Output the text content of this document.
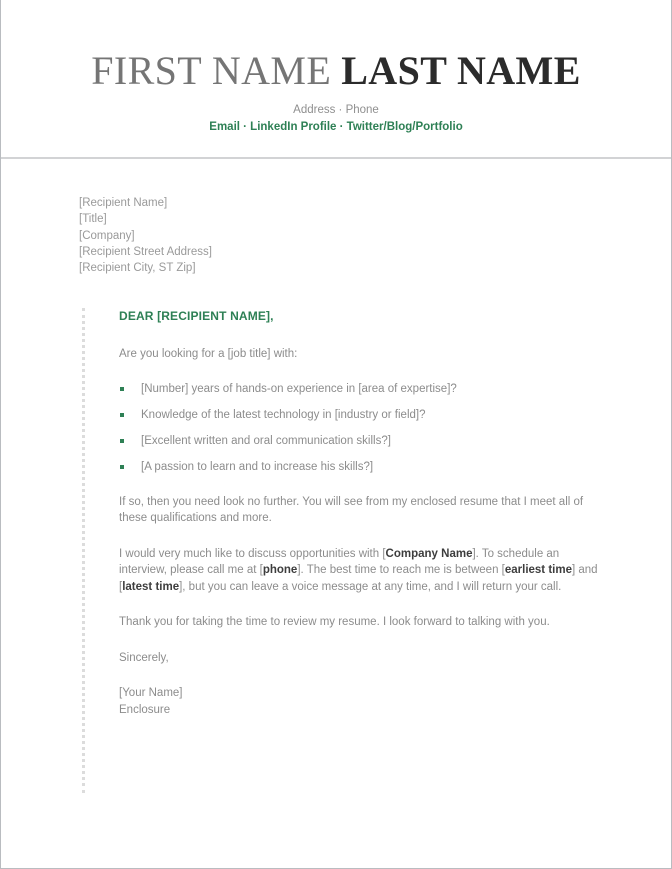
FIRST NAME LAST NAME

Address · Phone

Email · LinkedIn Profile · Twitter/Blog/Portfolio

[Recipient Name]
[Title]
[Company]
[Recipient Street Address]
[Recipient City, ST Zip]

DEAR [RECIPIENT NAME],

Are you looking for a [job title] with:

[Number] years of hands-on experience in [area of expertise]?
Knowledge of the latest technology in [industry or field]?
[Excellent written and oral communication skills?]
[A passion to learn and to increase his skills?]

If so, then you need look no further. You will see from my enclosed resume that I meet all of these qualifications and more.

I would very much like to discuss opportunities with [Company Name]. To schedule an interview, please call me at [phone]. The best time to reach me is between [earliest time] and [latest time], but you can leave a voice message at any time, and I will return your call.

Thank you for taking the time to review my resume. I look forward to talking with you.

Sincerely,

[Your Name]

Enclosure
